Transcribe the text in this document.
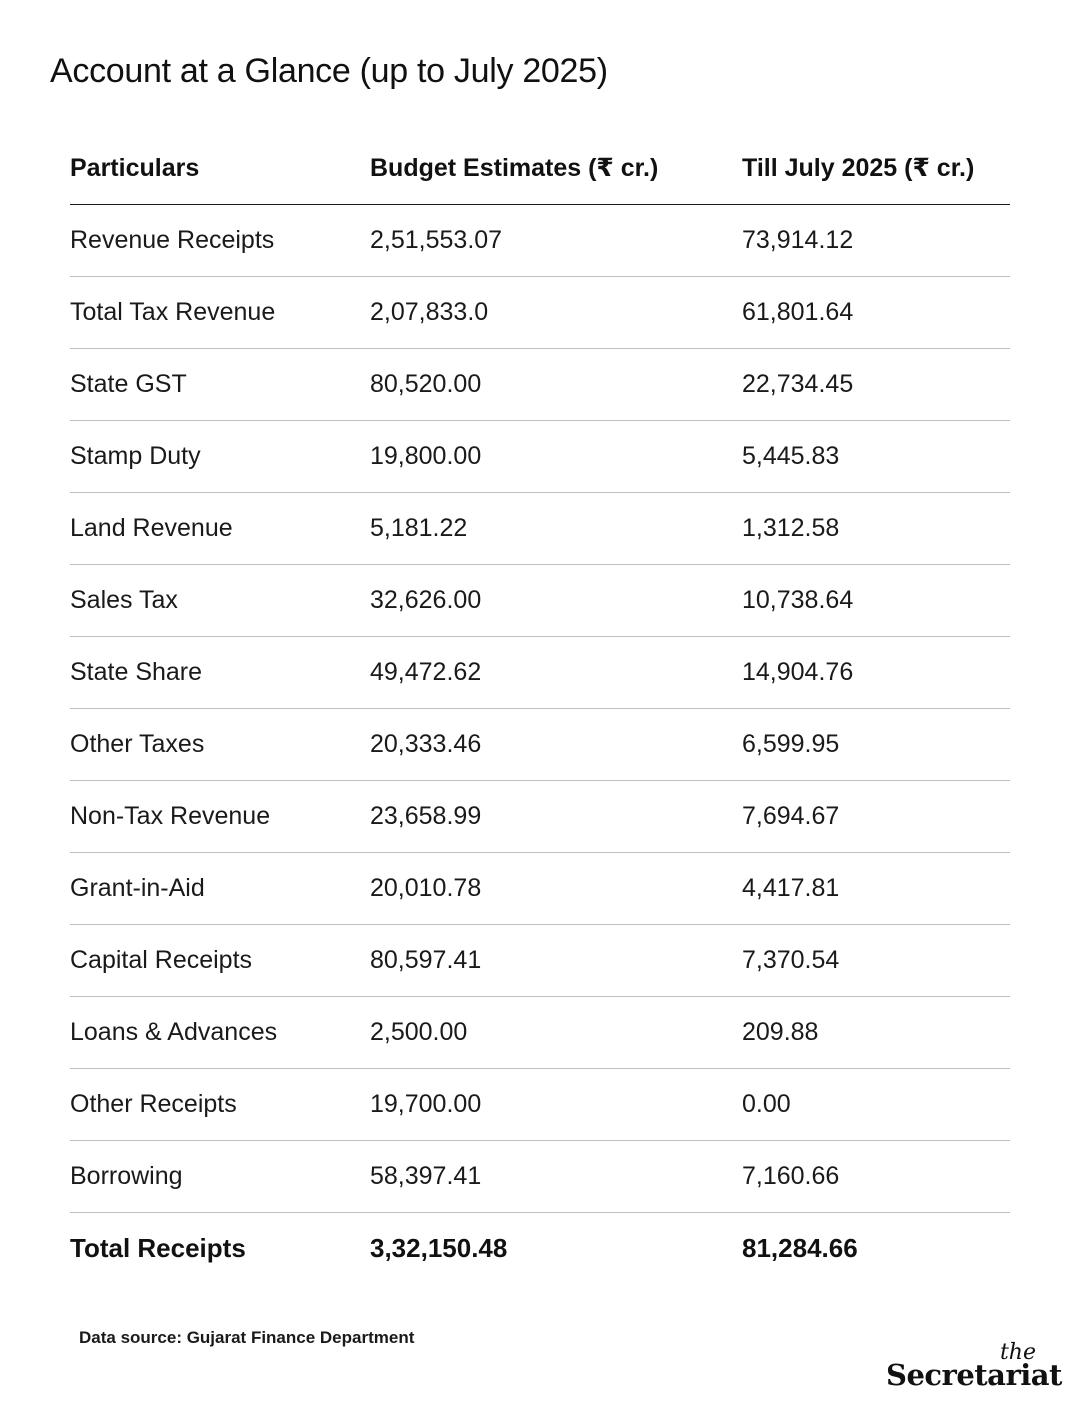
Account at a Glance (up to July 2025)
Particulars	Budget Estimates (₹ cr.)	Till July 2025 (₹ cr.)
Revenue Receipts	2,51,553.07	73,914.12
Total Tax Revenue	2,07,833.0	61,801.64
State GST	80,520.00	22,734.45
Stamp Duty	19,800.00	5,445.83
Land Revenue	5,181.22	1,312.58
Sales Tax	32,626.00	10,738.64
State Share	49,472.62	14,904.76
Other Taxes	20,333.46	6,599.95
Non-Tax Revenue	23,658.99	7,694.67
Grant-in-Aid	20,010.78	4,417.81
Capital Receipts	80,597.41	7,370.54
Loans & Advances	2,500.00	209.88
Other Receipts	19,700.00	0.00
Borrowing	58,397.41	7,160.66
Total Receipts	3,32,150.48	81,284.66
Data source: Gujarat Finance Department
the
Secretariat
